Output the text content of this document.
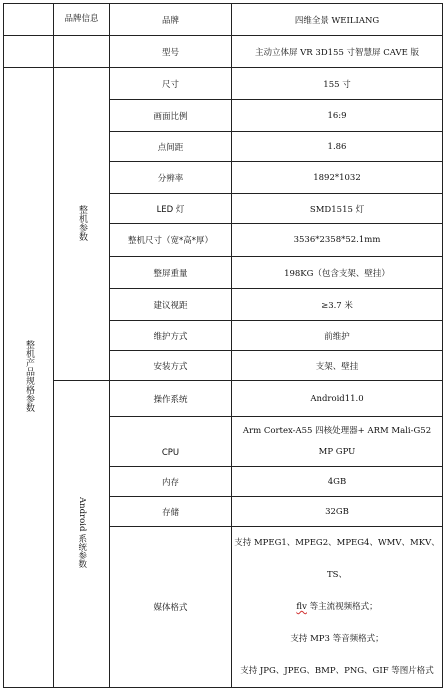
	品牌信息	品牌	四维全景 WEILIANG
		型号	主动立体屏 VR 3D155 寸智慧屏 CAVE 版
整机产品规格参数	整机参数	尺寸	155 寸
		画面比例	16:9
		点间距	1.86
		分辨率	1892*1032
		LED 灯	SMD1515 灯
		整机尺寸（宽*高*厚）	3536*2358*52.1mm
		整屏重量	198KG（包含支架、壁挂）
		建议视距	≥3.7 米
		维护方式	前维护
		安装方式	支架、壁挂
	Android 系统参数	操作系统	Android11.0
		CPU	Arm Cortex-A55 四核处理器+ ARM Mali-G52

MP GPU

		内存	4GB
		存储	32GB
		媒体格式	支持 MPEG1、MPEG2、MPEG4、WMV、MKV、TS、

flv 等主流视频格式；

支持 MP3 等音频格式；

支持 JPG、JPEG、BMP、PNG、GIF 等图片格式
